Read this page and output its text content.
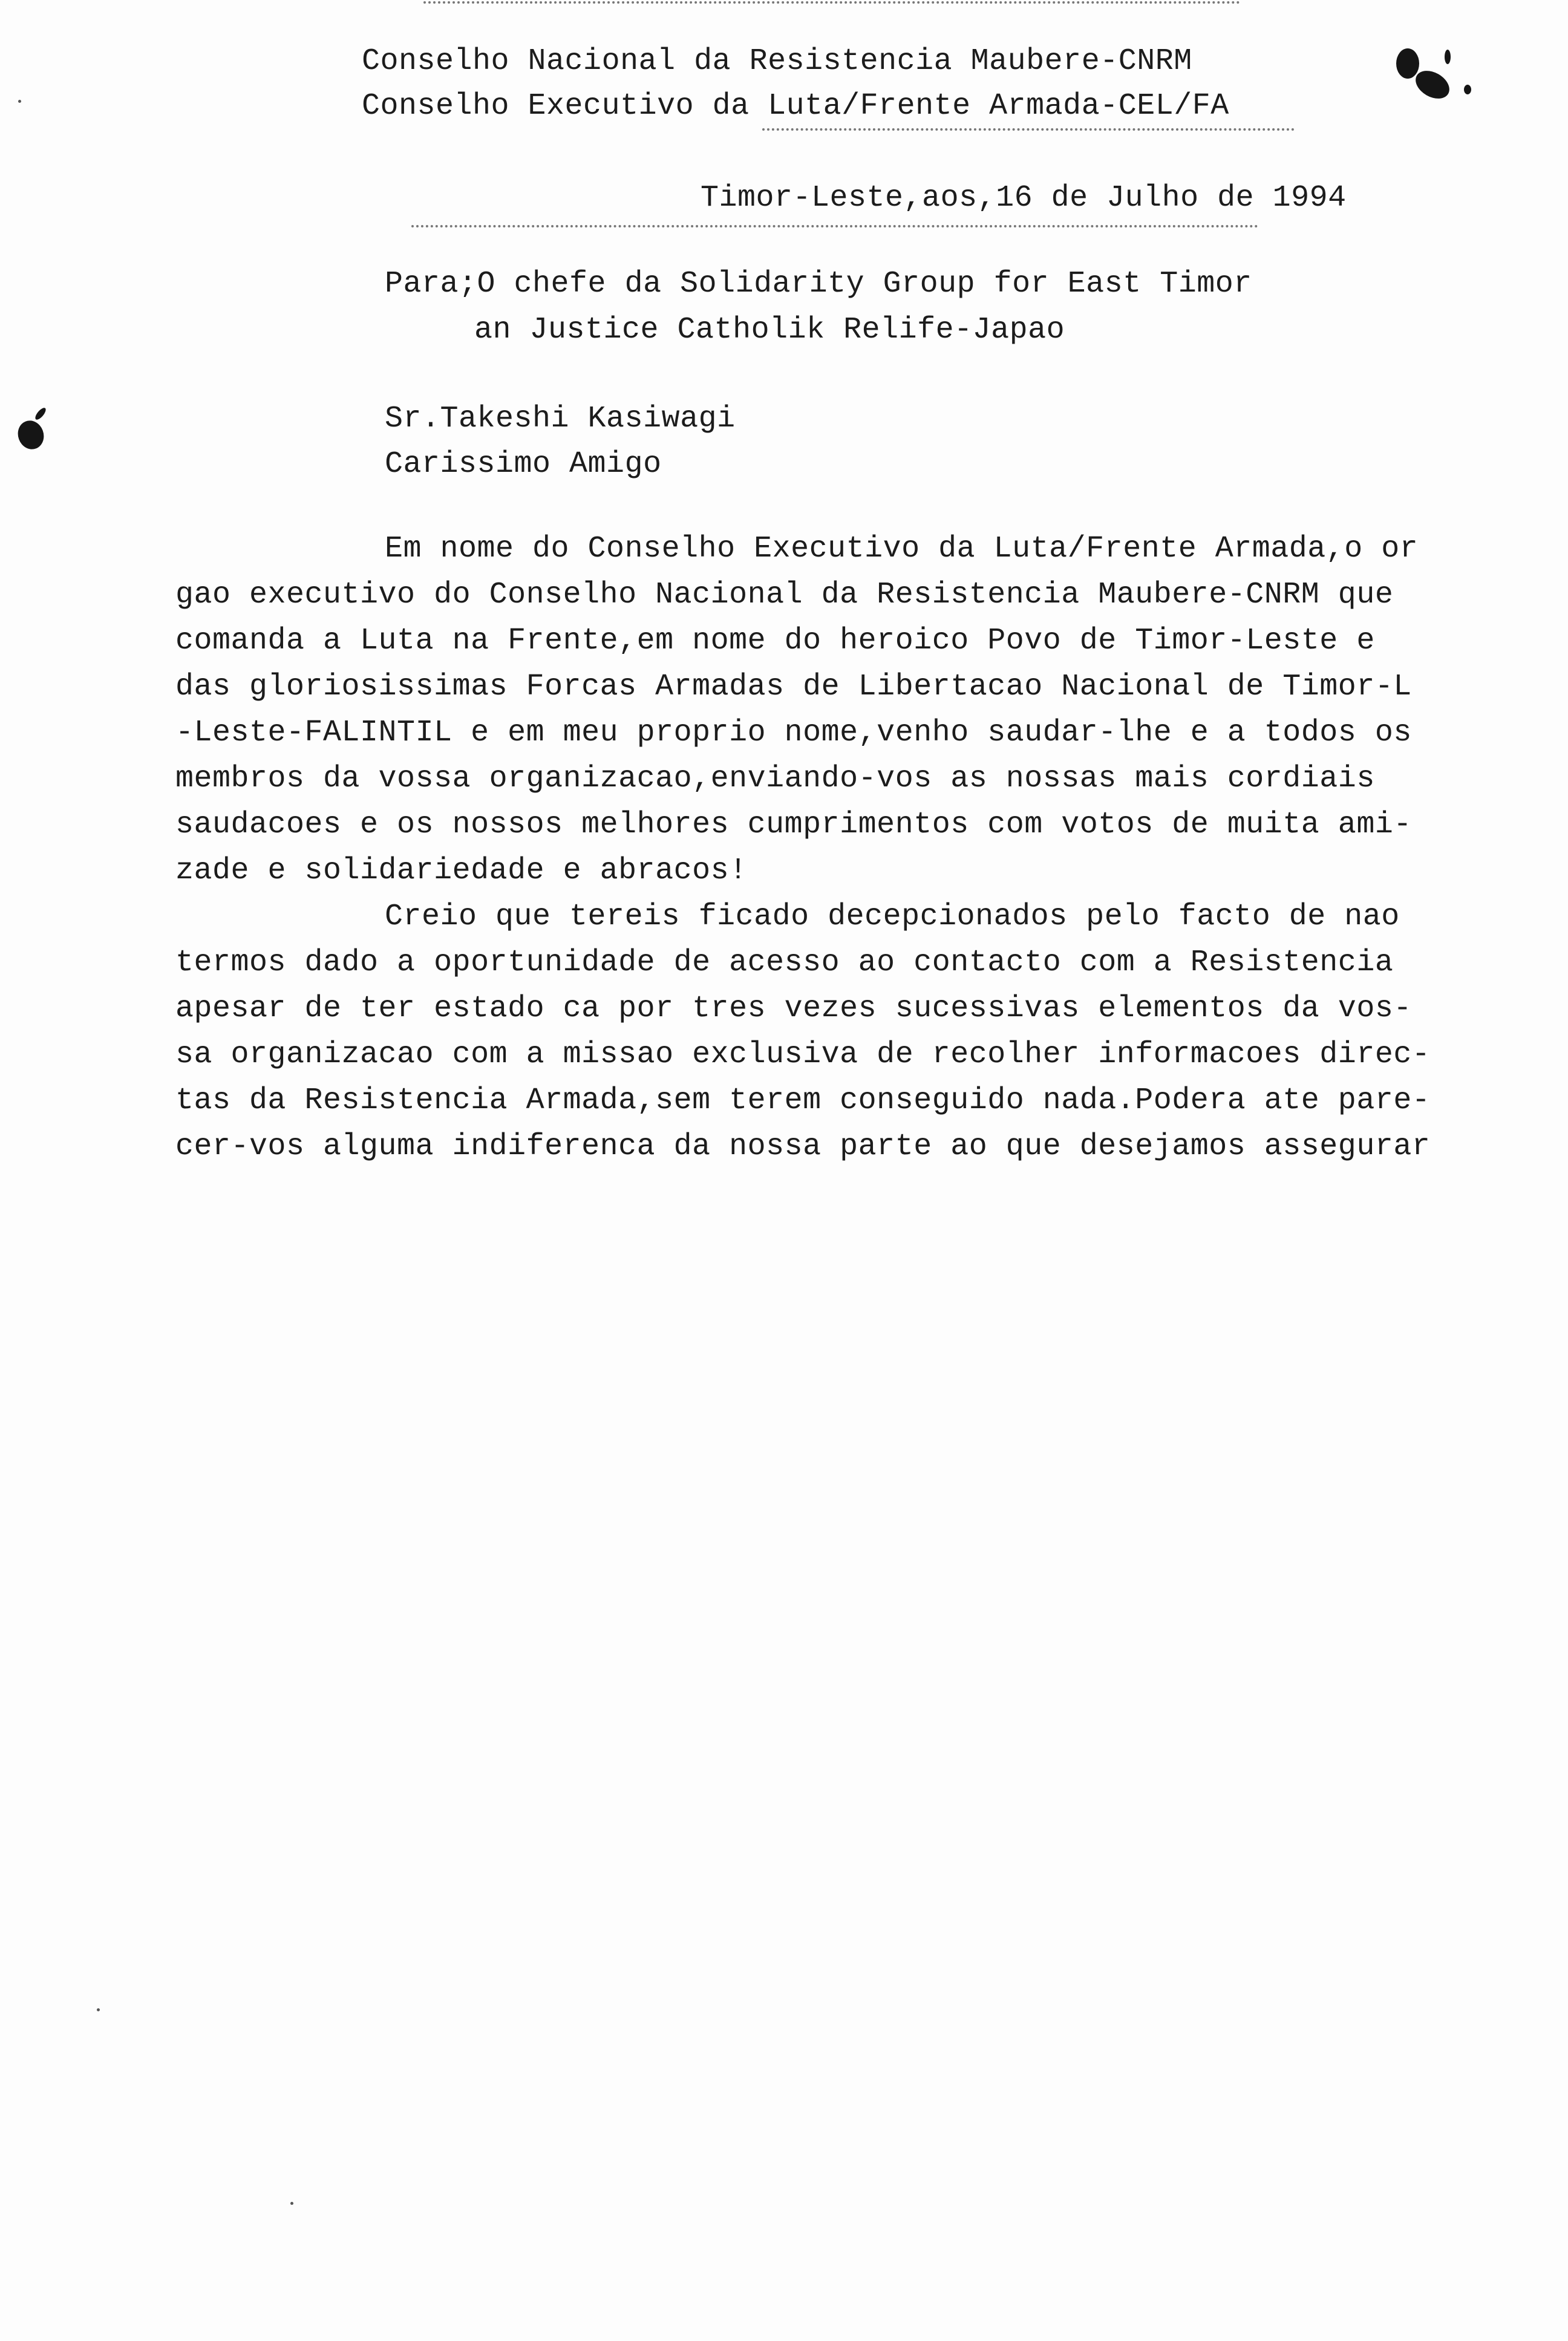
Conselho Nacional da Resistencia Maubere-CNRM

Conselho Executivo da Luta/Frente Armada-CEL/FA

Timor-Leste,aos,16 de Julho de 1994

Para;O chefe da Solidarity Group for East Timor

an Justice Catholik Relife-Japao

Sr.Takeshi Kasiwagi

Carissimo Amigo

Em nome do Conselho Executivo da Luta/Frente Armada,o or

gao executivo do Conselho Nacional da Resistencia Maubere-CNRM que

comanda a Luta na Frente,em nome do heroico Povo de Timor-Leste e

das gloriosissimas Forcas Armadas de Libertacao Nacional de Timor-L

-Leste-FALINTIL e em meu proprio nome,venho saudar-lhe e a todos os

membros da vossa organizacao,enviando-vos as nossas mais cordiais

saudacoes e os nossos melhores cumprimentos com votos de muita ami-

zade e solidariedade e abracos!

Creio que tereis ficado decepcionados pelo facto de nao

termos dado a oportunidade de acesso ao contacto com a Resistencia

apesar de ter estado ca por tres vezes sucessivas elementos da vos-

sa organizacao com a missao exclusiva de recolher informacoes direc-

tas da Resistencia Armada,sem terem conseguido nada.Podera ate pare-

cer-vos alguma indiferenca da nossa parte ao que desejamos assegurar
